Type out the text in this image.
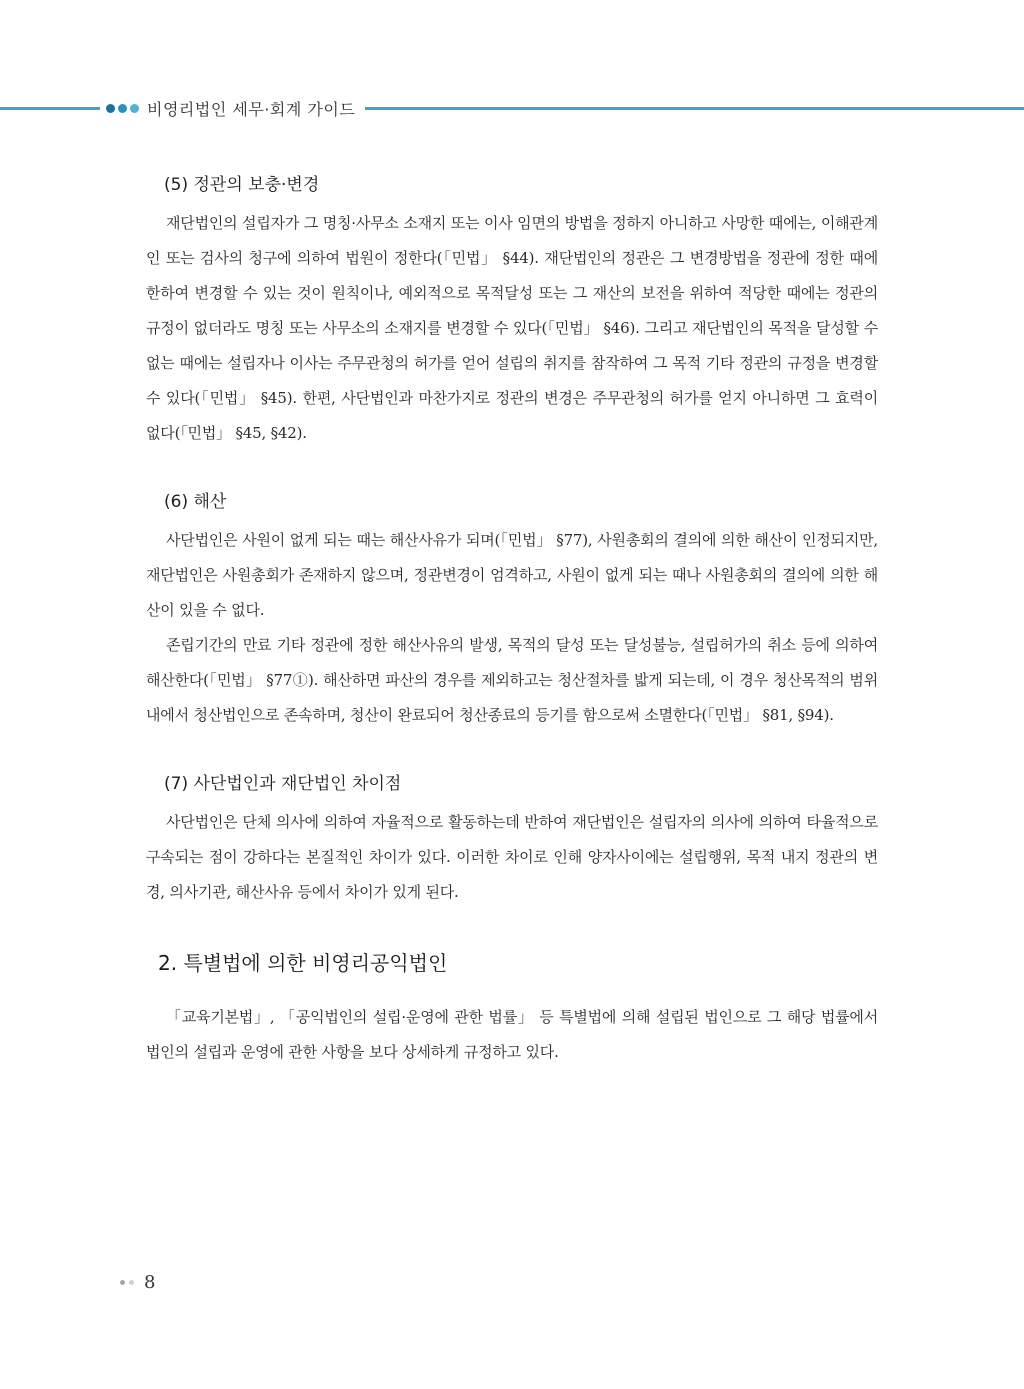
비영리법인 세무·회계 가이드
(5) 정관의 보충·변경

재단법인의 설립자가 그 명칭·사무소 소재지 또는 이사 임면의 방법을 정하지 아니하고 사망한 때에는, 이해관계인 또는 검사의 청구에 의하여 법원이 정한다(「민법」 §44). 재단법인의 정관은 그 변경방법을 정관에 정한 때에 한하여 변경할 수 있는 것이 원칙이나, 예외적으로 목적달성 또는 그 재산의 보전을 위하여 적당한 때에는 정관의 규정이 없더라도 명칭 또는 사무소의 소재지를 변경할 수 있다(「민법」 §46). 그리고 재단법인의 목적을 달성할 수 없는 때에는 설립자나 이사는 주무관청의 허가를 얻어 설립의 취지를 참작하여 그 목적 기타 정관의 규정을 변경할 수 있다(「민법」 §45). 한편, 사단법인과 마찬가지로 정관의 변경은 주무관청의 허가를 얻지 아니하면 그 효력이 없다(「민법」 §45, §42).

(6) 해산

사단법인은 사원이 없게 되는 때는 해산사유가 되며(「민법」 §77), 사원총회의 결의에 의한 해산이 인정되지만, 재단법인은 사원총회가 존재하지 않으며, 정관변경이 엄격하고, 사원이 없게 되는 때나 사원총회의 결의에 의한 해산이 있을 수 없다.

존립기간의 만료 기타 정관에 정한 해산사유의 발생, 목적의 달성 또는 달성불능, 설립허가의 취소 등에 의하여 해산한다(「민법」 §77①). 해산하면 파산의 경우를 제외하고는 청산절차를 밟게 되는데, 이 경우 청산목적의 범위 내에서 청산법인으로 존속하며, 청산이 완료되어 청산종료의 등기를 함으로써 소멸한다(「민법」 §81, §94).

(7) 사단법인과 재단법인 차이점

사단법인은 단체 의사에 의하여 자율적으로 활동하는데 반하여 재단법인은 설립자의 의사에 의하여 타율적으로 구속되는 점이 강하다는 본질적인 차이가 있다. 이러한 차이로 인해 양자사이에는 설립행위, 목적 내지 정관의 변경, 의사기관, 해산사유 등에서 차이가 있게 된다.

2. 특별법에 의한 비영리공익법인

「교육기본법」, 「공익법인의 설립·운영에 관한 법률」 등 특별법에 의해 설립된 법인으로 그 해당 법률에서 법인의 설립과 운영에 관한 사항을 보다 상세하게 규정하고 있다.

8
